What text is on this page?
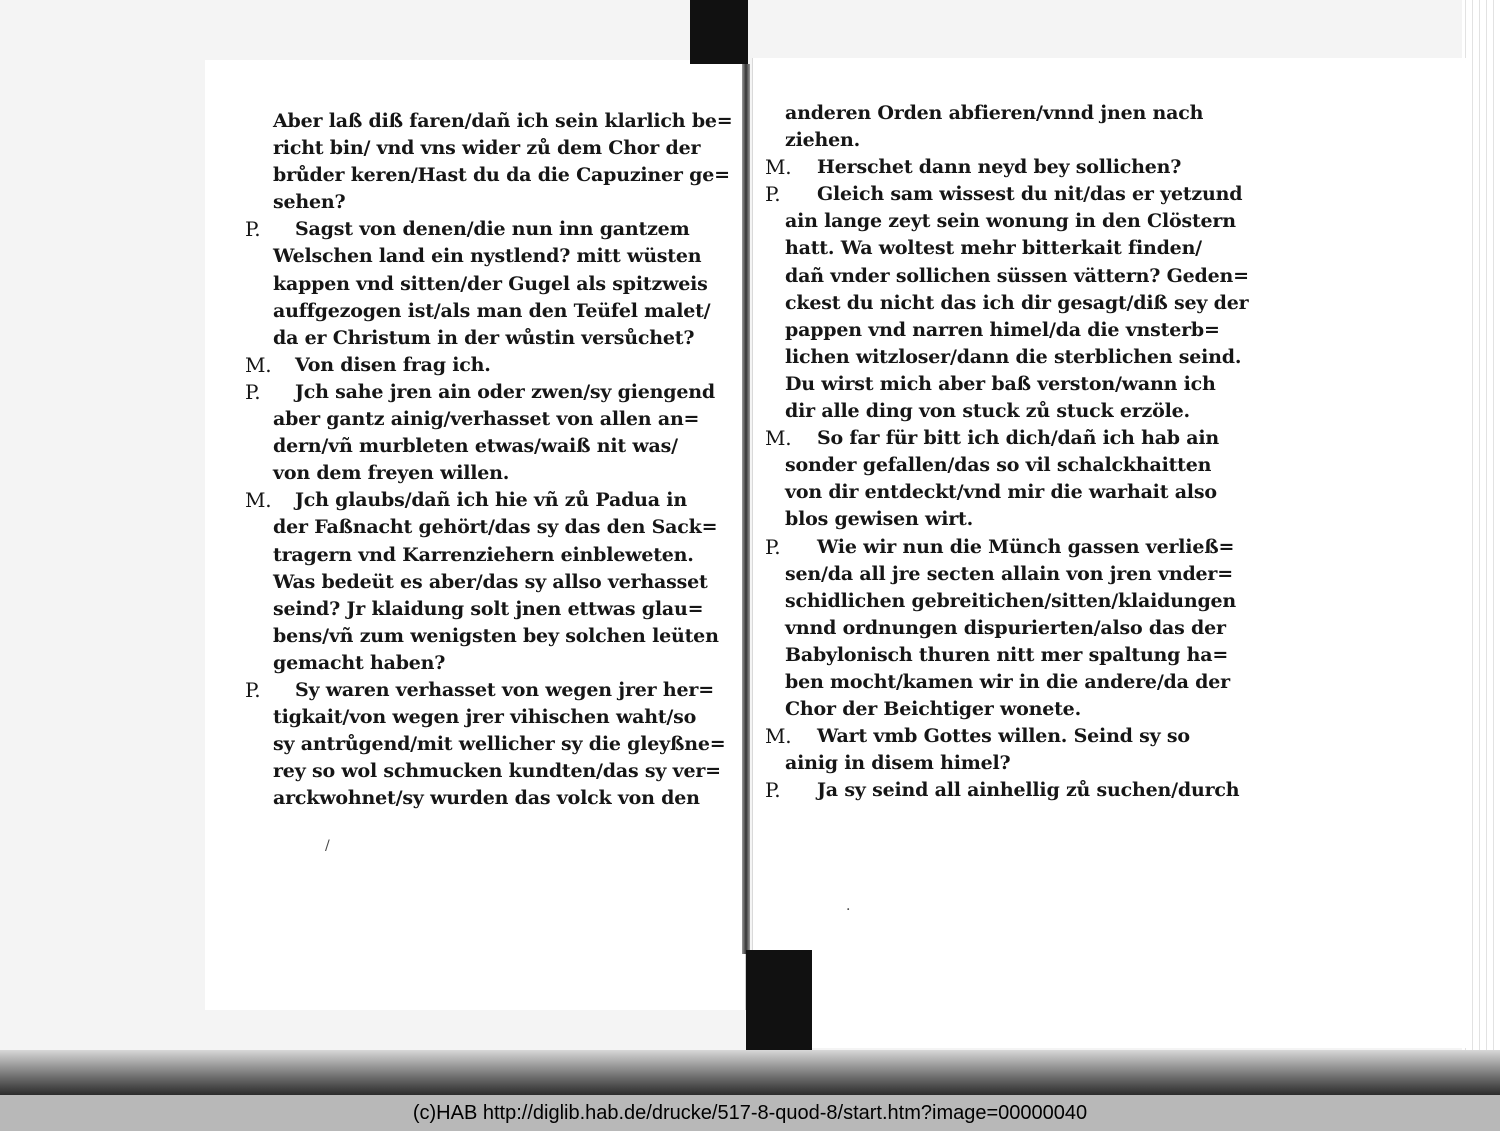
Aber laß diß faren/dañ ich sein klarlich be=
richt bin/ vnd vns wider zů dem Chor der
brůder keren/Hast du da die Capuziner ge=
sehen?
P.	Sagst von denen/die nun inn gantzem
Welschen land ein nystlend? mitt wüsten
kappen vnd sitten/der Gugel als spitzweis
auffgezogen ist/als man den Teüfel malet/
da er Christum in der wůstin versůchet?
M.	Von disen frag ich.
P.	Jch sahe jren ain oder zwen/sy giengend
aber gantz ainig/verhasset von allen an=
dern/vñ murbleten etwas/waiß nit was/
von dem freyen willen.
M.	Jch glaubs/dañ ich hie vñ zů Padua in
der Faßnacht gehört/das sy das den Sack=
tragern vnd Karrenziehern einbleweten.
Was bedeüt es aber/das sy allso verhasset
seind? Jr klaidung solt jnen ettwas glau=
bens/vñ zum wenigsten bey solchen leüten
gemacht haben?
P.	Sy waren verhasset von wegen jrer her=
tigkait/von wegen jrer vihischen waht/so
sy antrůgend/mit wellicher sy die gleyßne=
rey so wol schmucken kundten/das sy ver=
arckwohnet/sy wurden das volck von den
anderen Orden abfieren/vnnd jnen nach
ziehen.
M.	Herschet dann neyd bey sollichen?
P.	Gleich sam wissest du nit/das er yetzund
ain lange zeyt sein wonung in den Clöstern
hatt. Wa woltest mehr bitterkait finden/
dañ vnder sollichen süssen vättern? Geden=
ckest du nicht das ich dir gesagt/diß sey der
pappen vnd narren himel/da die vnsterb=
lichen witzloser/dann die sterblichen seind.
Du wirst mich aber baß verston/wann ich
dir alle ding von stuck zů stuck erzöle.
M.	So far für bitt ich dich/dañ ich hab ain
sonder gefallen/das so vil schalckhaitten
von dir entdeckt/vnd mir die warhait also
blos gewisen wirt.
P.	Wie wir nun die Münch gassen verließ=
sen/da all jre secten allain von jren vnder=
schidlichen gebreitichen/sitten/klaidungen
vnnd ordnungen dispurierten/also das der
Babylonisch thuren nitt mer spaltung ha=
ben mocht/kamen wir in die andere/da der
Chor der Beichtiger wonete.
M.	Wart vmb Gottes willen. Seind sy so
ainig in disem himel?
P.	Ja sy seind all ainhellig zů suchen/durch
/
·
(c)HAB http://diglib.hab.de/drucke/517-8-quod-8/start.htm?image=00000040
